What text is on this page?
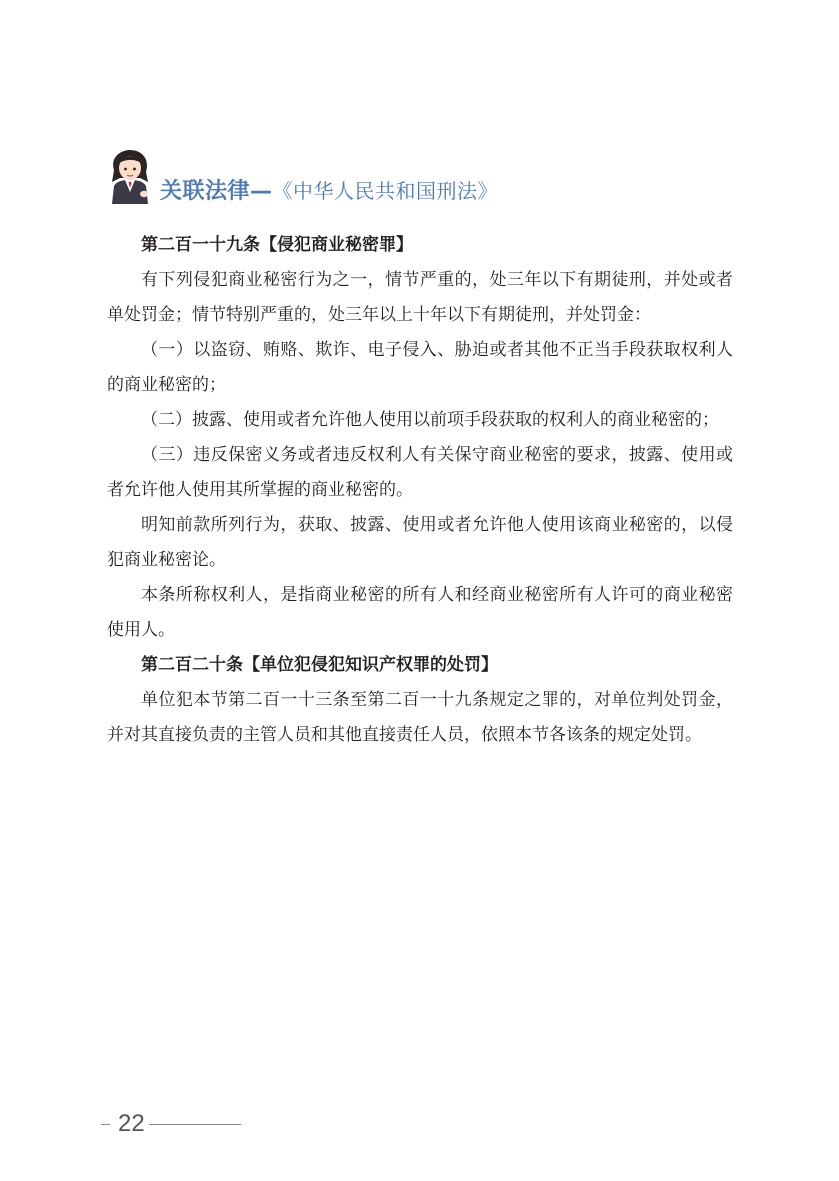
关联法律—《中华人民共和国刑法》

第二百一十九条【侵犯商业秘密罪】

有下列侵犯商业秘密行为之一，情节严重的，处三年以下有期徒刑，并处或者单处罚金；情节特别严重的，处三年以上十年以下有期徒刑，并处罚金：

（一）以盗窃、贿赂、欺诈、电子侵入、胁迫或者其他不正当手段获取权利人的商业秘密的；

（二）披露、使用或者允许他人使用以前项手段获取的权利人的商业秘密的；

（三）违反保密义务或者违反权利人有关保守商业秘密的要求，披露、使用或者允许他人使用其所掌握的商业秘密的。

明知前款所列行为，获取、披露、使用或者允许他人使用该商业秘密的，以侵犯商业秘密论。

本条所称权利人，是指商业秘密的所有人和经商业秘密所有人许可的商业秘密使用人。

第二百二十条【单位犯侵犯知识产权罪的处罚】

单位犯本节第二百一十三条至第二百一十九条规定之罪的，对单位判处罚金，并对其直接负责的主管人员和其他直接责任人员，依照本节各该条的规定处罚。

22
